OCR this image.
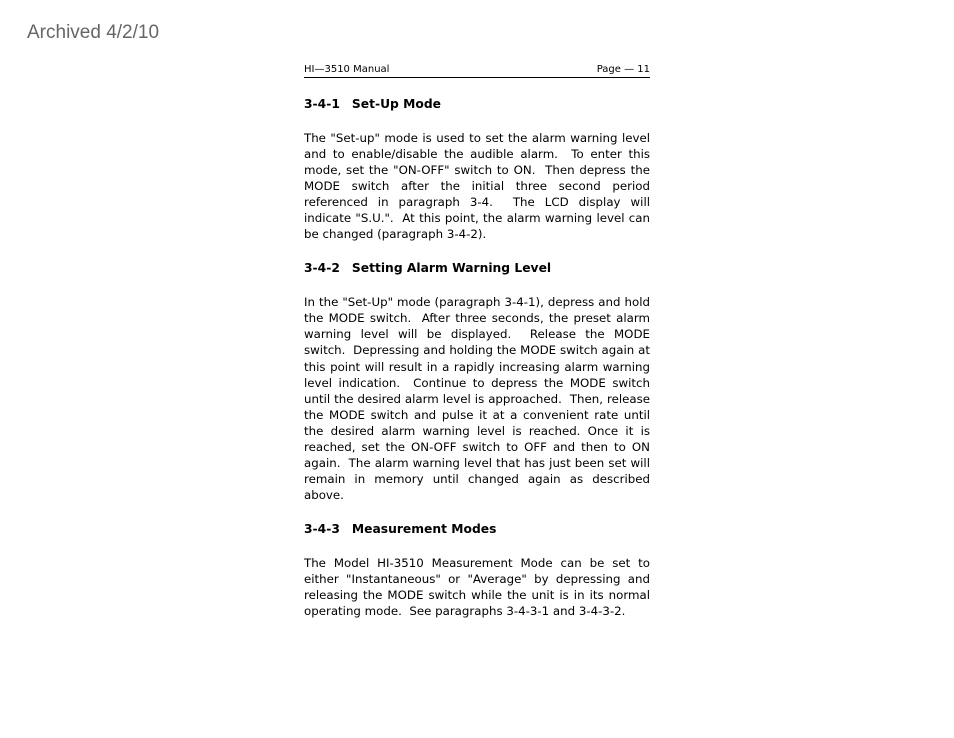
Archived 4/2/10
HI—3510 Manual	Page — 11
3-4-1 Set-Up Mode

The "Set-up" mode is used to set the alarm warning level and to enable/disable the audible alarm.  To enter this mode, set the "ON-OFF" switch to ON.  Then depress the MODE switch after the initial three second period referenced in paragraph 3-4.  The LCD display will indicate "S.U.".  At this point, the alarm warning level can be changed (paragraph 3-4-2).

3-4-2 Setting Alarm Warning Level

In the "Set-Up" mode (paragraph 3-4-1), depress and hold the MODE switch.  After three seconds, the preset alarm warning level will be displayed.  Release the MODE switch.  Depressing and holding the MODE switch again at this point will result in a rapidly increasing alarm warning level indication.  Continue to depress the MODE switch until the desired alarm level is approached.  Then, release the MODE switch and pulse it at a convenient rate until the desired alarm warning level is reached. Once it is reached, set the ON-OFF switch to OFF and then to ON again.  The alarm warning level that has just been set will remain in memory until changed again as described above.

3-4-3 Measurement Modes

The Model HI-3510 Measurement Mode can be set to either "Instantaneous" or "Average" by depressing and releasing the MODE switch while the unit is in its normal operating mode.  See paragraphs 3-4-3-1 and 3-4-3-2.
